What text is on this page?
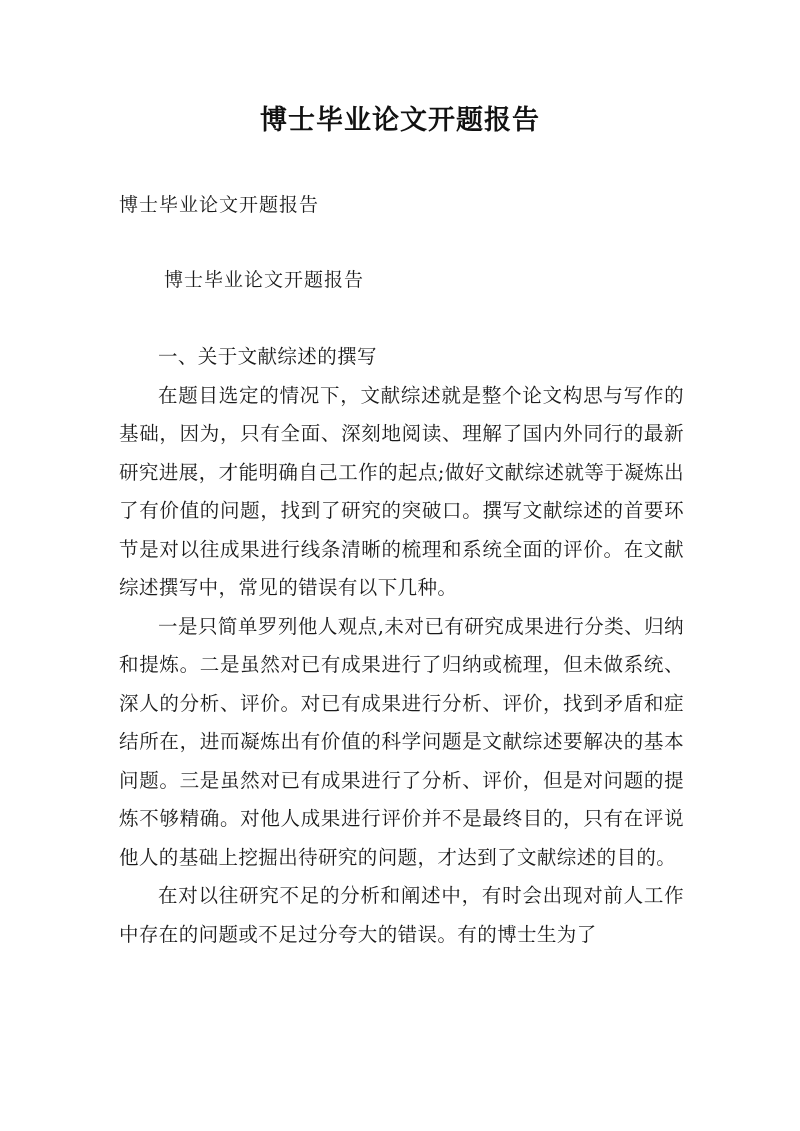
博士毕业论文开题报告
博士毕业论文开题报告
博士毕业论文开题报告

一、关于文献综述的撰写

在题目选定的情况下，文献综述就是整个论文构思与写作的基础，因为，只有全面、深刻地阅读、理解了国内外同行的最新研究进展，才能明确自己工作的起点;做好文献综述就等于凝炼出了有价值的问题，找到了研究的突破口。撰写文献综述的首要环节是对以往成果进行线条清晰的梳理和系统全面的评价。在文献综述撰写中，常见的错误有以下几种。

一是只简单罗列他人观点,未对已有研究成果进行分类、归纳和提炼。二是虽然对已有成果进行了归纳或梳理，但未做系统、深人的分析、评价。对已有成果进行分析、评价，找到矛盾和症结所在，进而凝炼出有价值的科学问题是文献综述要解决的基本问题。三是虽然对已有成果进行了分析、评价，但是对问题的提炼不够精确。对他人成果进行评价并不是最终目的，只有在评说他人的基础上挖掘出待研究的问题，才达到了文献综述的目的。

在对以往研究不足的分析和阐述中，有时会出现对前人工作中存在的问题或不足过分夸大的错误。有的博士生为了
